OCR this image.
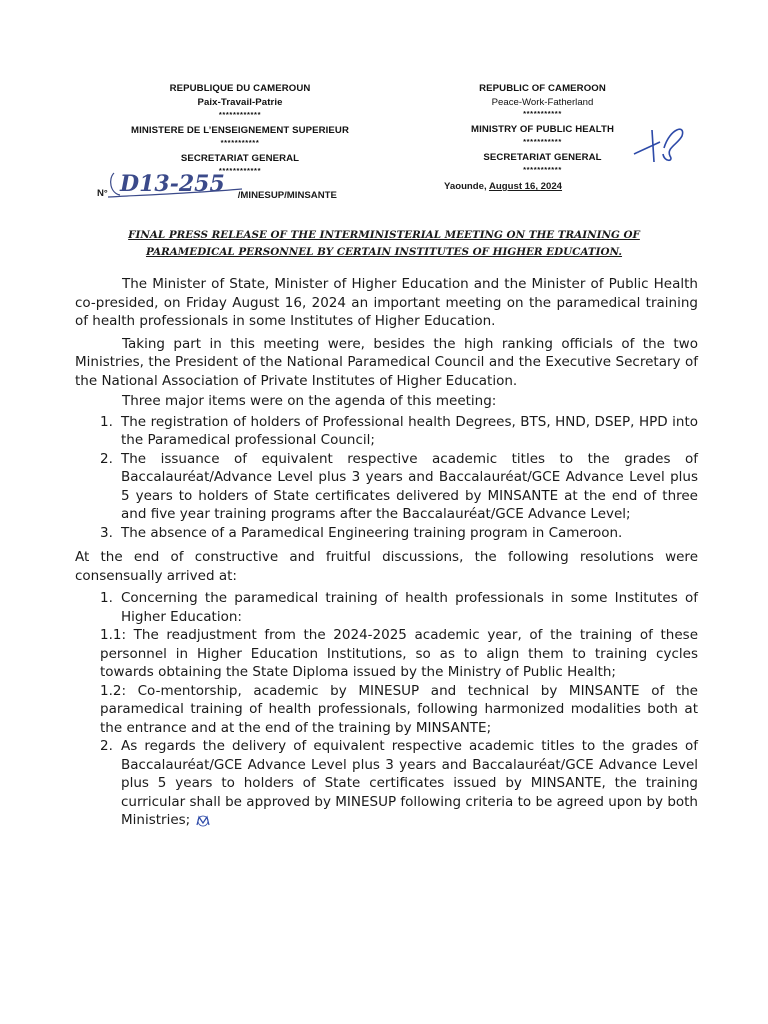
REPUBLIQUE DU CAMEROUN
Paix-Travail-Patrie
************
MINISTERE DE L’ENSEIGNEMENT SUPERIEUR
***********
SECRETARIAT GENERAL
************
REPUBLIC OF CAMEROON
Peace-Work-Fatherland
***********
MINISTRY OF PUBLIC HEALTH
***********
SECRETARIAT GENERAL
***********
N° D13-255 /MINESUP/MINSANTE
Yaounde, August 16, 2024
FINAL PRESS RELEASE OF THE INTERMINISTERIAL MEETING ON THE TRAINING OF
PARAMEDICAL PERSONNEL BY CERTAIN INSTITUTES OF HIGHER EDUCATION.

The Minister of State, Minister of Higher Education and the Minister of Public Health co-presided, on Friday August 16, 2024 an important meeting on the paramedical training of health professionals in some Institutes of Higher Education.

Taking part in this meeting were, besides the high ranking officials of the two Ministries, the President of the National Paramedical Council and the Executive Secretary of the National Association of Private Institutes of Higher Education.

Three major items were on the agenda of this meeting:

1. The registration of holders of Professional health Degrees, BTS, HND, DSEP, HPD into the Paramedical professional Council;
2. The issuance of equivalent respective academic titles to the grades of Baccalauréat/Advance Level plus 3 years and Baccalauréat/GCE Advance Level plus 5 years to holders of State certificates delivered by MINSANTE at the end of three and five year training programs after the Baccalauréat/GCE Advance Level;
3. The absence of a Paramedical Engineering training program in Cameroon.

At the end of constructive and fruitful discussions, the following resolutions were consensually arrived at:

1. Concerning the paramedical training of health professionals in some Institutes of Higher Education:

1.1: The readjustment from the 2024-2025 academic year, of the training of these personnel in Higher Education Institutions, so as to align them to training cycles towards obtaining the State Diploma issued by the Ministry of Public Health;

1.2: Co-mentorship, academic by MINESUP and technical by MINSANTE of the paramedical training of health professionals, following harmonized modalities both at the entrance and at the end of the training by MINSANTE;

2. As regards the delivery of equivalent respective academic titles to the grades of Baccalauréat/GCE Advance Level plus 3 years and Baccalauréat/GCE Advance Level plus 5 years to holders of State certificates issued by MINSANTE, the training curricular shall be approved by MINESUP following criteria to be agreed upon by both Ministries;
